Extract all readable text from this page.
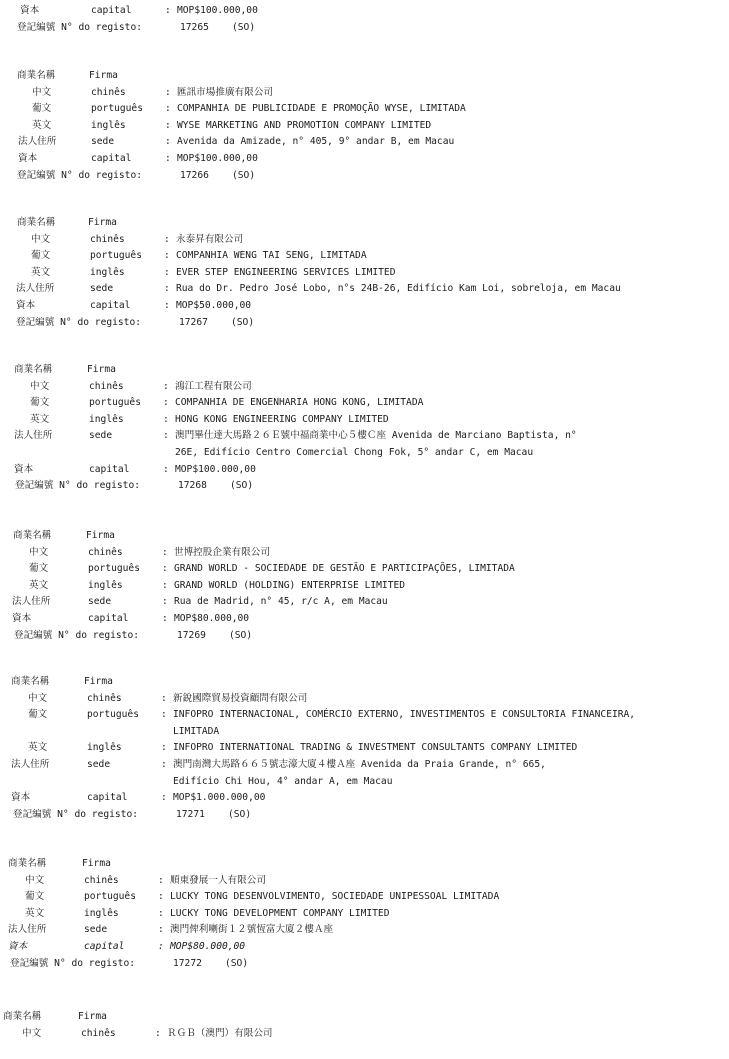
資本	capital	: MOP$100.000,00
登記編號 N° do registo:	17265 (SO)
商業名稱	Firma
中文	chinês	: 匯訊市場推廣有限公司
葡文	português : COMPANHIA DE PUBLICIDADE E PROMOÇÃO WYSE, LIMITADA
英文	inglês	: WYSE MARKETING AND PROMOTION COMPANY LIMITED
法人住所	sede	: Avenida da Amizade, n° 405, 9° andar B, em Macau
資本	capital	: MOP$100.000,00
登記編號 N° do registo:	17266 (SO)
商業名稱	Firma
中文	chinês	: 永泰昇有限公司
葡文	português : COMPANHIA WENG TAI SENG, LIMITADA
英文	inglês	: EVER STEP ENGINEERING SERVICES LIMITED
法人住所	sede	: Rua do Dr. Pedro José Lobo, n°s 24B-26, Edifício Kam Loi, sobreloja, em Macau
資本	capital	: MOP$50.000,00
登記編號 N° do registo:	17267 (SO)
商業名稱	Firma
中文	chinês	: 鴻江工程有限公司
葡文	português : COMPANHIA DE ENGENHARIA HONG KONG, LIMITADA
英文	inglês	: HONG KONG ENGINEERING COMPANY LIMITED
法人住所	sede	: 澳門畢仕達大馬路２６Ｅ號中福商業中心５樓Ｃ座 Avenida de Marciano Baptista, n°
26E, Edifício Centro Comercial Chong Fok, 5° andar C, em Macau
資本	capital	: MOP$100.000,00
登記編號 N° do registo:	17268 (SO)
商業名稱	Firma
中文	chinês	: 世博控股企業有限公司
葡文	português : GRAND WORLD - SOCIEDADE DE GESTÃO E PARTICIPAÇÕES, LIMITADA
英文	inglês	: GRAND WORLD (HOLDING) ENTERPRISE LIMITED
法人住所	sede	: Rua de Madrid, n° 45, r/c A, em Macau
資本	capital	: MOP$80.000,00
登記編號 N° do registo:	17269 (SO)
商業名稱	Firma
中文	chinês	: 新銳國際貿易投資顧問有限公司
葡文	português : INFOPRO INTERNACIONAL, COMÉRCIO EXTERNO, INVESTIMENTOS E CONSULTORIA FINANCEIRA,
LIMITADA
英文	inglês	: INFOPRO INTERNATIONAL TRADING & INVESTMENT CONSULTANTS COMPANY LIMITED
法人住所	sede	: 澳門南灣大馬路６６５號志濠大廈４樓Ａ座 Avenida da Praia Grande, n° 665,
Edifício Chi Hou, 4° andar A, em Macau
資本	capital	: MOP$1.000.000,00
登記編號 N° do registo:	17271 (SO)
商業名稱	Firma
中文	chinês	: 順東發展一人有限公司
葡文	português : LUCKY TONG DESENVOLVIMENTO, SOCIEDADE UNIPESSOAL LIMITADA
英文	inglês	: LUCKY TONG DEVELOPMENT COMPANY LIMITED
法人住所	sede	: 澳門俾利喇街１２號恆富大廈２樓Ａ座
資本	capital	: MOP$80.000,00
登記編號 N° do registo:	17272 (SO)
商業名稱	Firma
中文	chinês	: ＲＧＢ（澳門）有限公司
